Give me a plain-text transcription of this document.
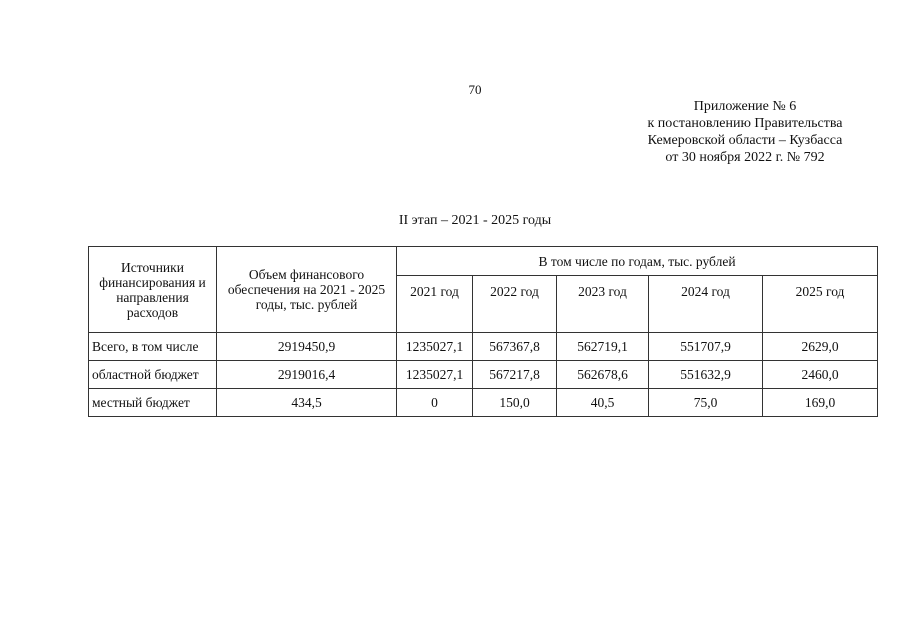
70
Приложение № 6
к постановлению Правительства
Кемеровской области – Кузбасса
от 30 ноября 2022 г. № 792
II этап – 2021 - 2025 годы
Источники финансирования и направления расходов	Объем финансового обеспечения на 2021 - 2025 годы, тыс. рублей	В том числе по годам, тыс. рублей				
		2021 год	2022 год	2023 год	2024 год	2025 год
Всего, в том числе	2919450,9	1235027,1	567367,8	562719,1	551707,9	2629,0
областной бюджет	2919016,4	1235027,1	567217,8	562678,6	551632,9	2460,0
местный бюджет	434,5	0	150,0	40,5	75,0	169,0
